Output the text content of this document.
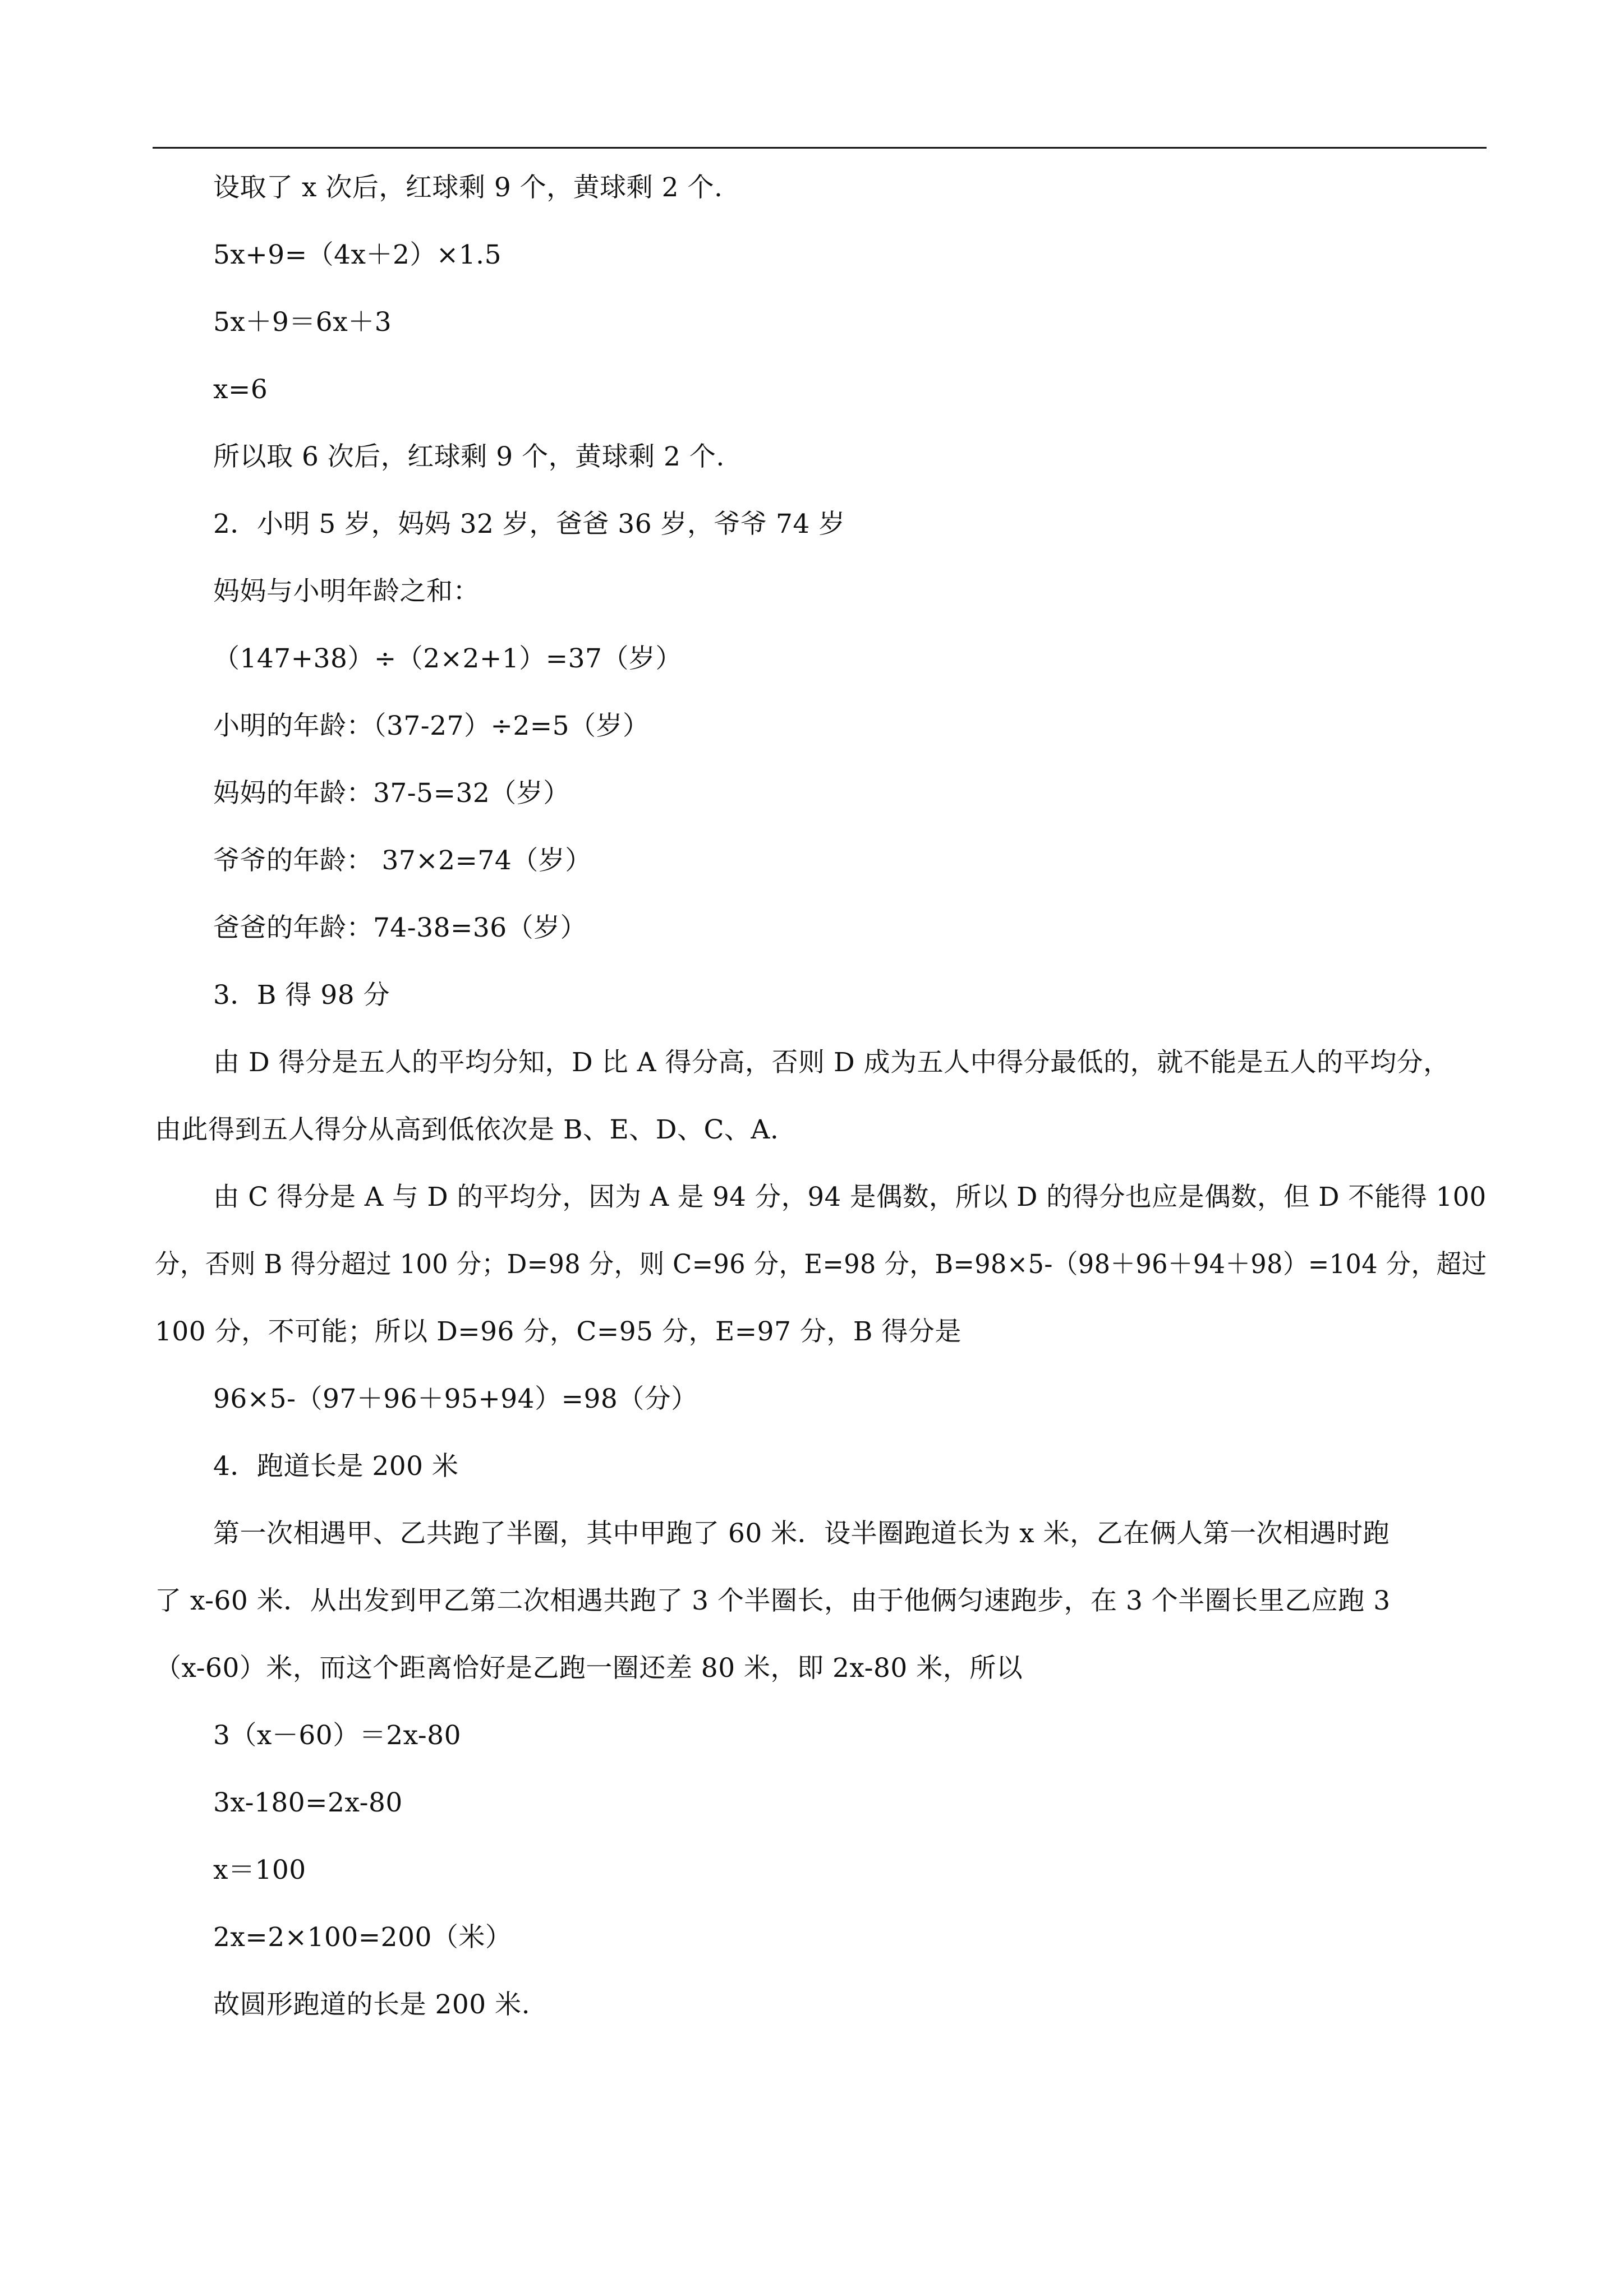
设取了 x 次后，红球剩 9 个，黄球剩 2 个.
5x+9=（4x＋2）×1.5
5x＋9＝6x＋3
x=6
所以取 6 次后，红球剩 9 个，黄球剩 2 个.
2．小明 5 岁，妈妈 32 岁，爸爸 36 岁，爷爷 74 岁
妈妈与小明年龄之和：
（147+38）÷（2×2+1）=37（岁）
小明的年龄：（37-27）÷2=5（岁）
妈妈的年龄：37-5=32（岁）
爷爷的年龄： 37×2=74（岁）
爸爸的年龄：74-38=36（岁）
3．B 得 98 分
由 D 得分是五人的平均分知，D 比 A 得分高，否则 D 成为五人中得分最低的，就不能是五人的平均分，
由此得到五人得分从高到低依次是 B、E、D、C、A.
由 C 得分是 A 与 D 的平均分，因为 A 是 94 分，94 是偶数，所以 D 的得分也应是偶数，但 D 不能得 100
分，否则 B 得分超过 100 分；D=98 分，则 C=96 分，E=98 分，B=98×5-（98＋96＋94＋98）=104 分，超过
100 分，不可能；所以 D=96 分，C=95 分，E=97 分，B 得分是
96×5-（97＋96＋95+94）=98（分）
4．跑道长是 200 米
第一次相遇甲、乙共跑了半圈，其中甲跑了 60 米．设半圈跑道长为 x 米，乙在俩人第一次相遇时跑
了 x-60 米．从出发到甲乙第二次相遇共跑了 3 个半圈长，由于他俩匀速跑步，在 3 个半圈长里乙应跑 3
（x-60）米，而这个距离恰好是乙跑一圈还差 80 米，即 2x-80 米，所以
3（x－60）＝2x-80
3x-180=2x-80
x＝100
2x=2×100=200（米）
故圆形跑道的长是 200 米.
